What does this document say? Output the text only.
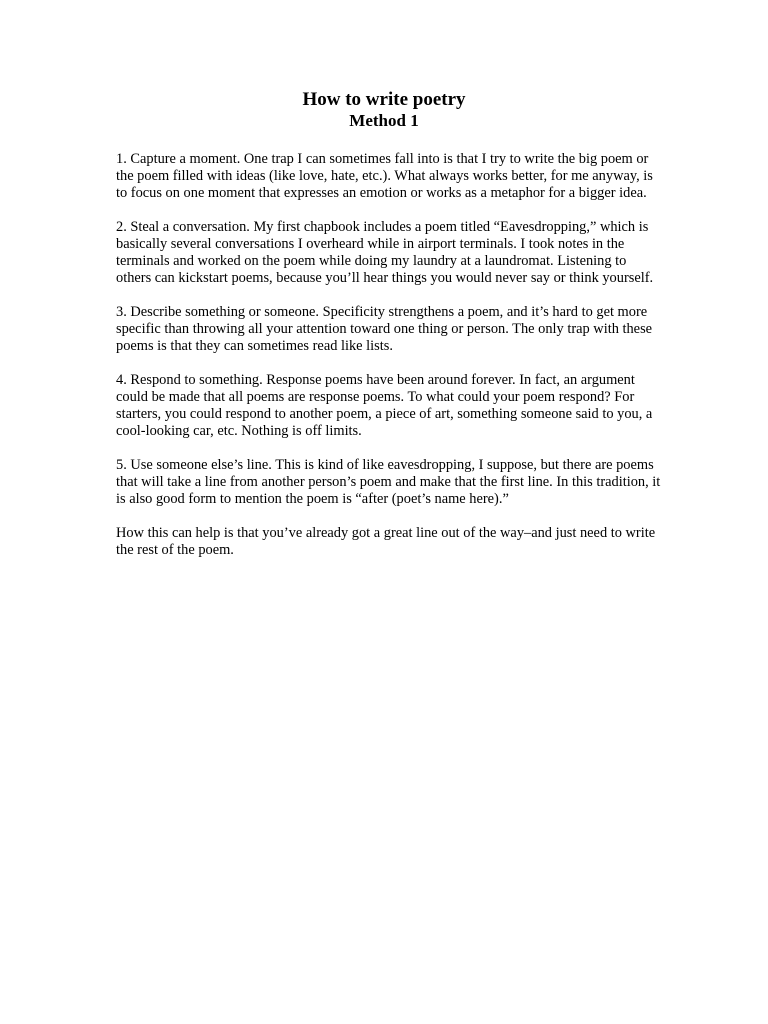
How to write poetry
Method 1

1. Capture a moment. One trap I can sometimes fall into is that I try to write the big poem or the poem filled with ideas (like love, hate, etc.). What always works better, for me anyway, is to focus on one moment that expresses an emotion or works as a metaphor for a bigger idea.

2. Steal a conversation. My first chapbook includes a poem titled “Eavesdropping,” which is basically several conversations I overheard while in airport terminals. I took notes in the terminals and worked on the poem while doing my laundry at a laundromat. Listening to others can kickstart poems, because you’ll hear things you would never say or think yourself.

3. Describe something or someone. Specificity strengthens a poem, and it’s hard to get more specific than throwing all your attention toward one thing or person. The only trap with these poems is that they can sometimes read like lists.

4. Respond to something. Response poems have been around forever. In fact, an argument could be made that all poems are response poems. To what could your poem respond? For starters, you could respond to another poem, a piece of art, something someone said to you, a cool-looking car, etc. Nothing is off limits.

5. Use someone else’s line. This is kind of like eavesdropping, I suppose, but there are poems that will take a line from another person’s poem and make that the first line. In this tradition, it is also good form to mention the poem is “after (poet’s name here).”

How this can help is that you’ve already got a great line out of the way–and just need to write the rest of the poem.
